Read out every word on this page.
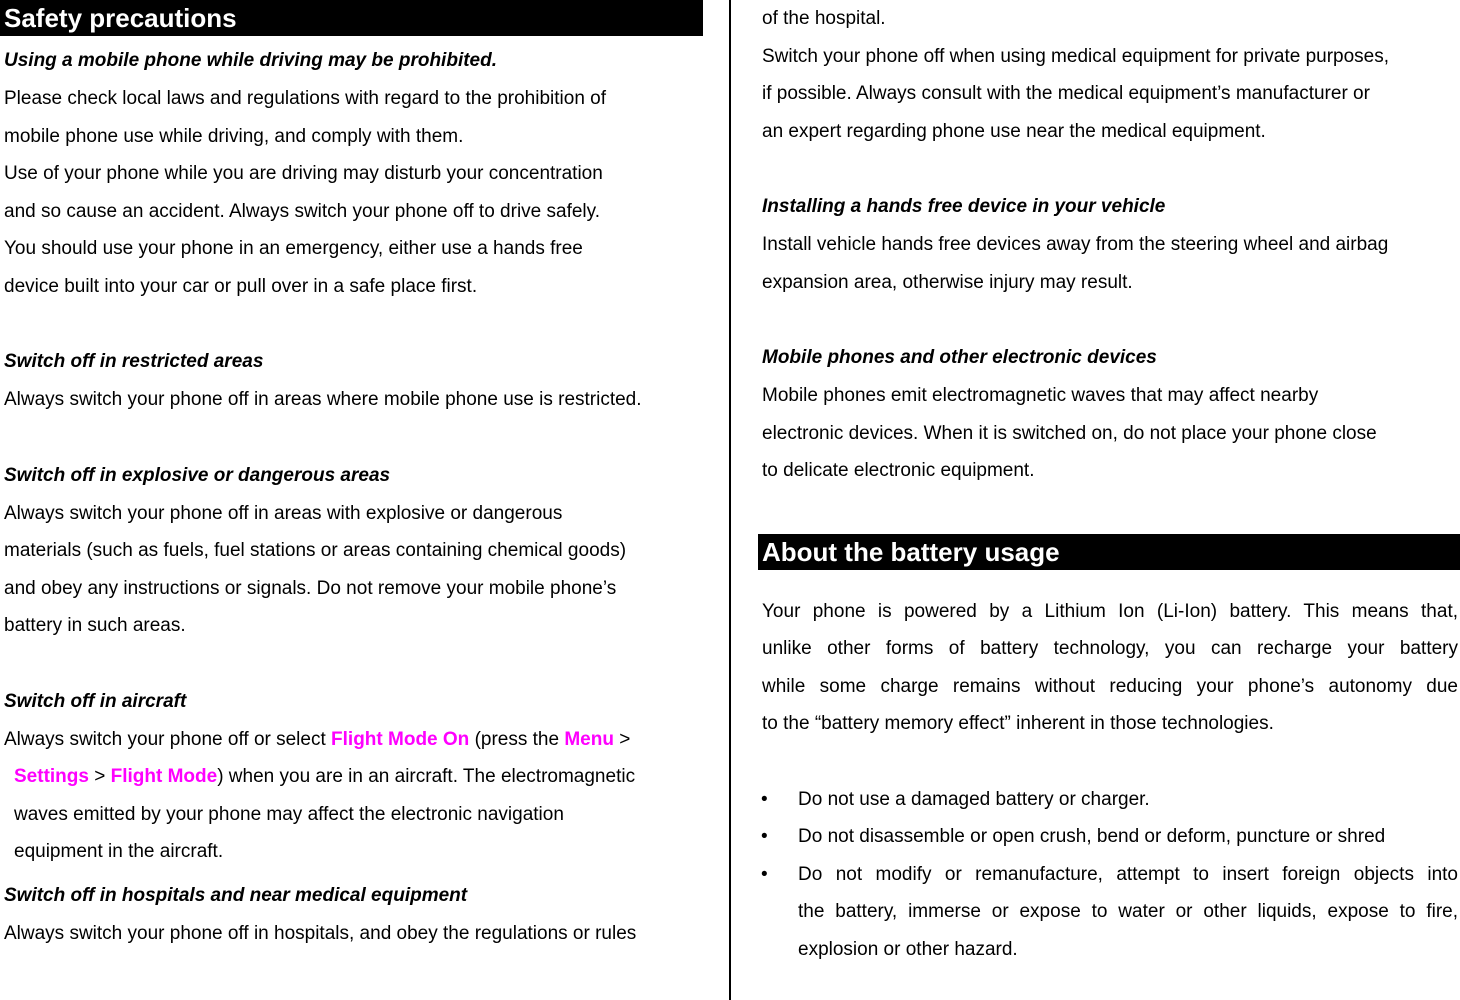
Safety precautions
Using a mobile phone while driving may be prohibited.
Please check local laws and regulations with regard to the prohibition of
mobile phone use while driving, and comply with them.
Use of your phone while you are driving may disturb your concentration
and so cause an accident. Always switch your phone off to drive safely.
You should use your phone in an emergency, either use a hands free
device built into your car or pull over in a safe place first.
Switch off in restricted areas
Always switch your phone off in areas where mobile phone use is restricted.
Switch off in explosive or dangerous areas
Always switch your phone off in areas with explosive or dangerous
materials (such as fuels, fuel stations or areas containing chemical goods)
and obey any instructions or signals. Do not remove your mobile phone’s
battery in such areas.
Switch off in aircraft
Always switch your phone off or select Flight Mode On (press the Menu >
Settings > Flight Mode) when you are in an aircraft. The electromagnetic
waves emitted by your phone may affect the electronic navigation
equipment in the aircraft.
Switch off in hospitals and near medical equipment
Always switch your phone off in hospitals, and obey the regulations or rules
of the hospital.
Switch your phone off when using medical equipment for private purposes,
if possible. Always consult with the medical equipment’s manufacturer or
an expert regarding phone use near the medical equipment.
Installing a hands free device in your vehicle
Install vehicle hands free devices away from the steering wheel and airbag
expansion area, otherwise injury may result.
Mobile phones and other electronic devices
Mobile phones emit electromagnetic waves that may affect nearby
electronic devices. When it is switched on, do not place your phone close
to delicate electronic equipment.
About the battery usage
Your phone is powered by a Lithium Ion (Li-Ion) battery. This means that,
unlike other forms of battery technology, you can recharge your battery
while some charge remains without reducing your phone’s autonomy due
to the “battery memory effect” inherent in those technologies.
• Do not use a damaged battery or charger.
• Do not disassemble or open crush, bend or deform, puncture or shred
• Do not modify or remanufacture, attempt to insert foreign objects into
the battery, immerse or expose to water or other liquids, expose to fire,
explosion or other hazard.
